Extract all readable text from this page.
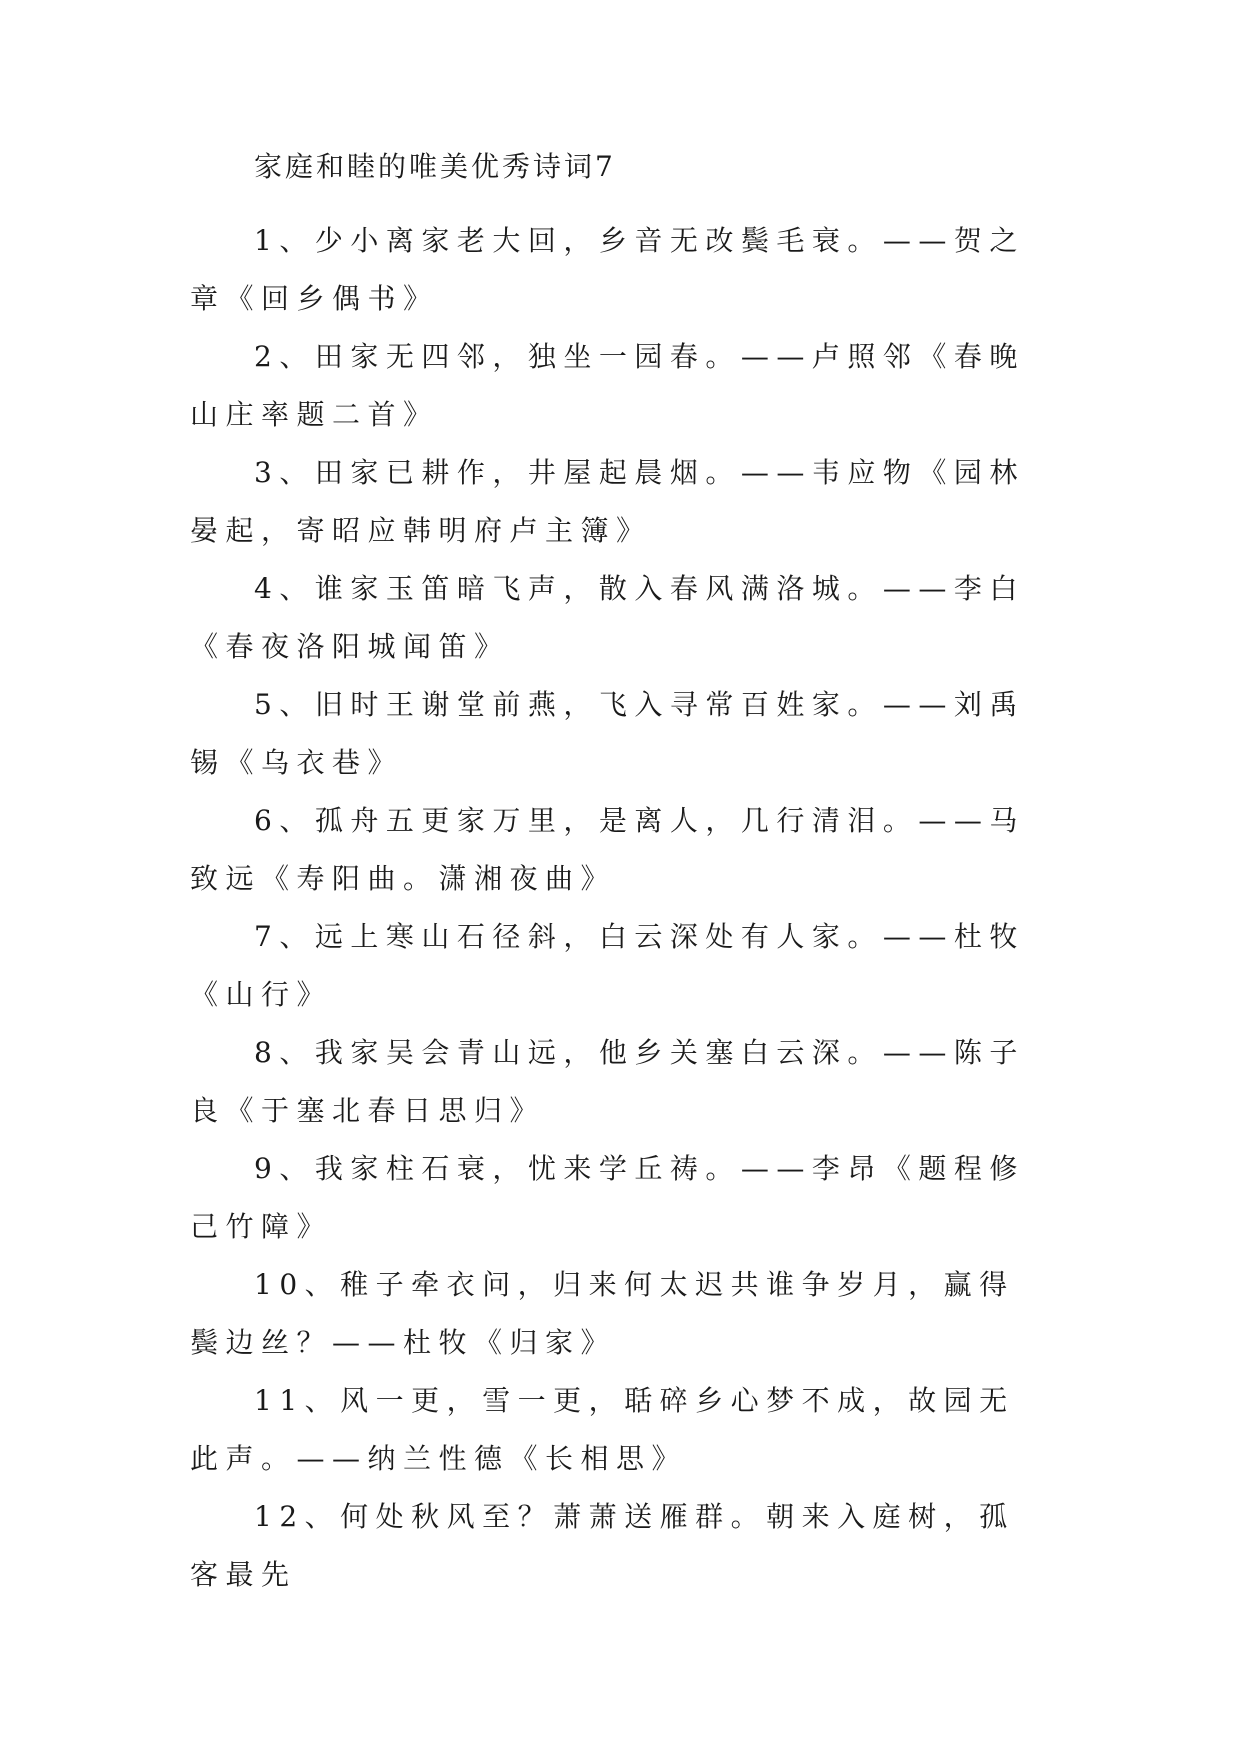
家庭和睦的唯美优秀诗词7

1、少小离家老大回，乡音无改鬓毛衰。——贺之章《回乡偶书》

2、田家无四邻，独坐一园春。——卢照邻《春晚山庄率题二首》

3、田家已耕作，井屋起晨烟。——韦应物《园林晏起，寄昭应韩明府卢主簿》

4、谁家玉笛暗飞声，散入春风满洛城。——李白《春夜洛阳城闻笛》

5、旧时王谢堂前燕，飞入寻常百姓家。——刘禹锡《乌衣巷》

6、孤舟五更家万里，是离人，几行清泪。——马致远《寿阳曲。潇湘夜曲》

7、远上寒山石径斜，白云深处有人家。——杜牧《山行》

8、我家吴会青山远，他乡关塞白云深。——陈子良《于塞北春日思归》

9、我家柱石衰，忧来学丘祷。——李昂《题程修己竹障》

10、稚子牵衣问，归来何太迟共谁争岁月，赢得鬓边丝？——杜牧《归家》

11、风一更，雪一更，聒碎乡心梦不成，故园无此声。——纳兰性德《长相思》

12、何处秋风至？萧萧送雁群。朝来入庭树，孤客最先
